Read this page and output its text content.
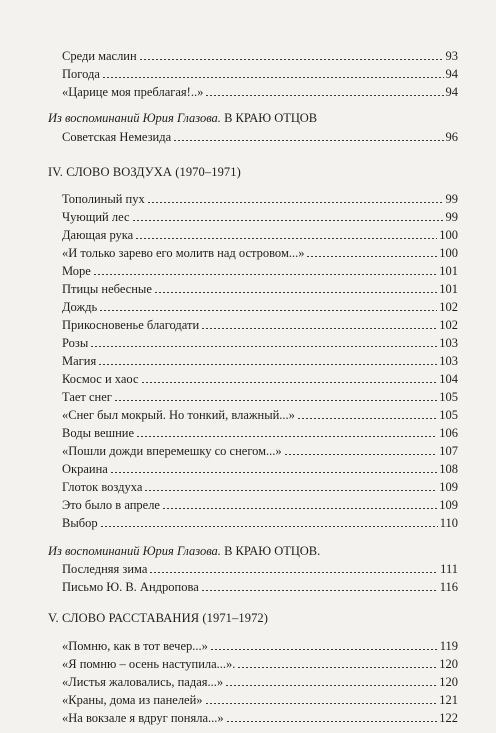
Среди маслин	93
Погода	94
«Царице моя преблагая!..»	94
Из воспоминаний Юрия Глазова. В КРАЮ ОТЦОВ
Советская Немезида	96
IV. СЛОВО ВОЗДУХА (1970–1971)
Тополиный пух	99
Чующий лес	99
Дающая рука	100
«И только зарево его молитв над островом...»	100
Море	101
Птицы небесные	101
Дождь	102
Прикосновенье благодати	102
Розы	103
Магия	103
Космос и хаос	104
Тает снег	105
«Снег был мокрый. Но тонкий, влажный...»	105
Воды вешние	106
«Пошли дожди вперемешку со снегом...»	107
Окраина	108
Глоток воздуха	109
Это было в апреле	109
Выбор	110
Из воспоминаний Юрия Глазова. В КРАЮ ОТЦОВ.
Последняя зима	111
Письмо Ю. В. Андропова	116
V. СЛОВО РАССТАВАНИЯ (1971–1972)
«Помню, как в тот вечер...»	119
«Я помню – осень наступила...».	120
«Листья жаловались, падая...»	120
«Краны, дома из панелей»	121
«На вокзале я вдруг поняла...»	122
